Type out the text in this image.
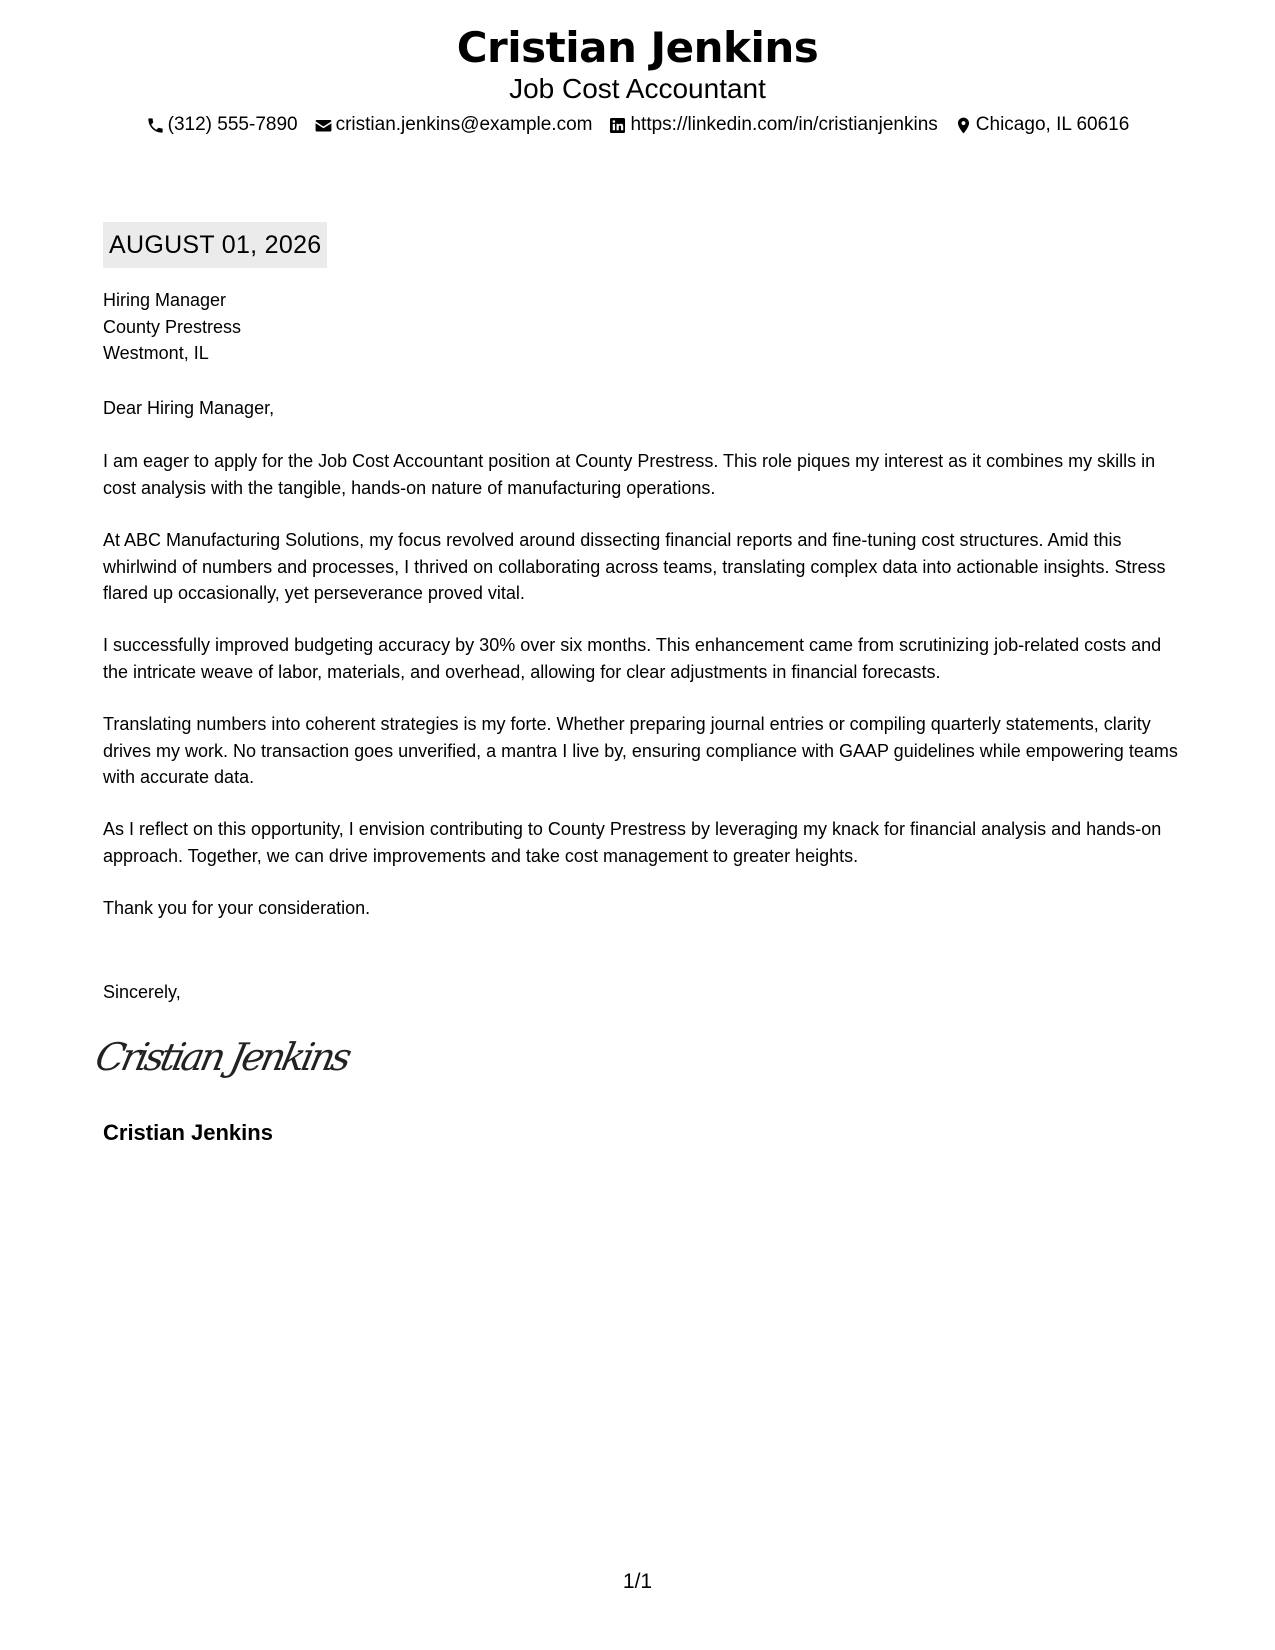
Cristian Jenkins
Job Cost Accountant
(312) 555-7890 cristian.jenkins@example.com https://linkedin.com/in/cristianjenkins Chicago, IL 60616
AUGUST 01, 2026
Hiring Manager
County Prestress
Westmont, IL
Dear Hiring Manager,

I am eager to apply for the Job Cost Accountant position at County Prestress. This role piques my interest as it combines my skills in cost analysis with the tangible, hands-on nature of manufacturing operations.

At ABC Manufacturing Solutions, my focus revolved around dissecting financial reports and fine-tuning cost structures. Amid this whirlwind of numbers and processes, I thrived on collaborating across teams, translating complex data into actionable insights. Stress flared up occasionally, yet perseverance proved vital.

I successfully improved budgeting accuracy by 30% over six months. This enhancement came from scrutinizing job-related costs and the intricate weave of labor, materials, and overhead, allowing for clear adjustments in financial forecasts.

Translating numbers into coherent strategies is my forte. Whether preparing journal entries or compiling quarterly statements, clarity drives my work. No transaction goes unverified, a mantra I live by, ensuring compliance with GAAP guidelines while empowering teams with accurate data.

As I reflect on this opportunity, I envision contributing to County Prestress by leveraging my knack for financial analysis and hands-on approach. Together, we can drive improvements and take cost management to greater heights.

Thank you for your consideration.

Sincerely,
Cristian Jenkins
Cristian Jenkins
1/1
